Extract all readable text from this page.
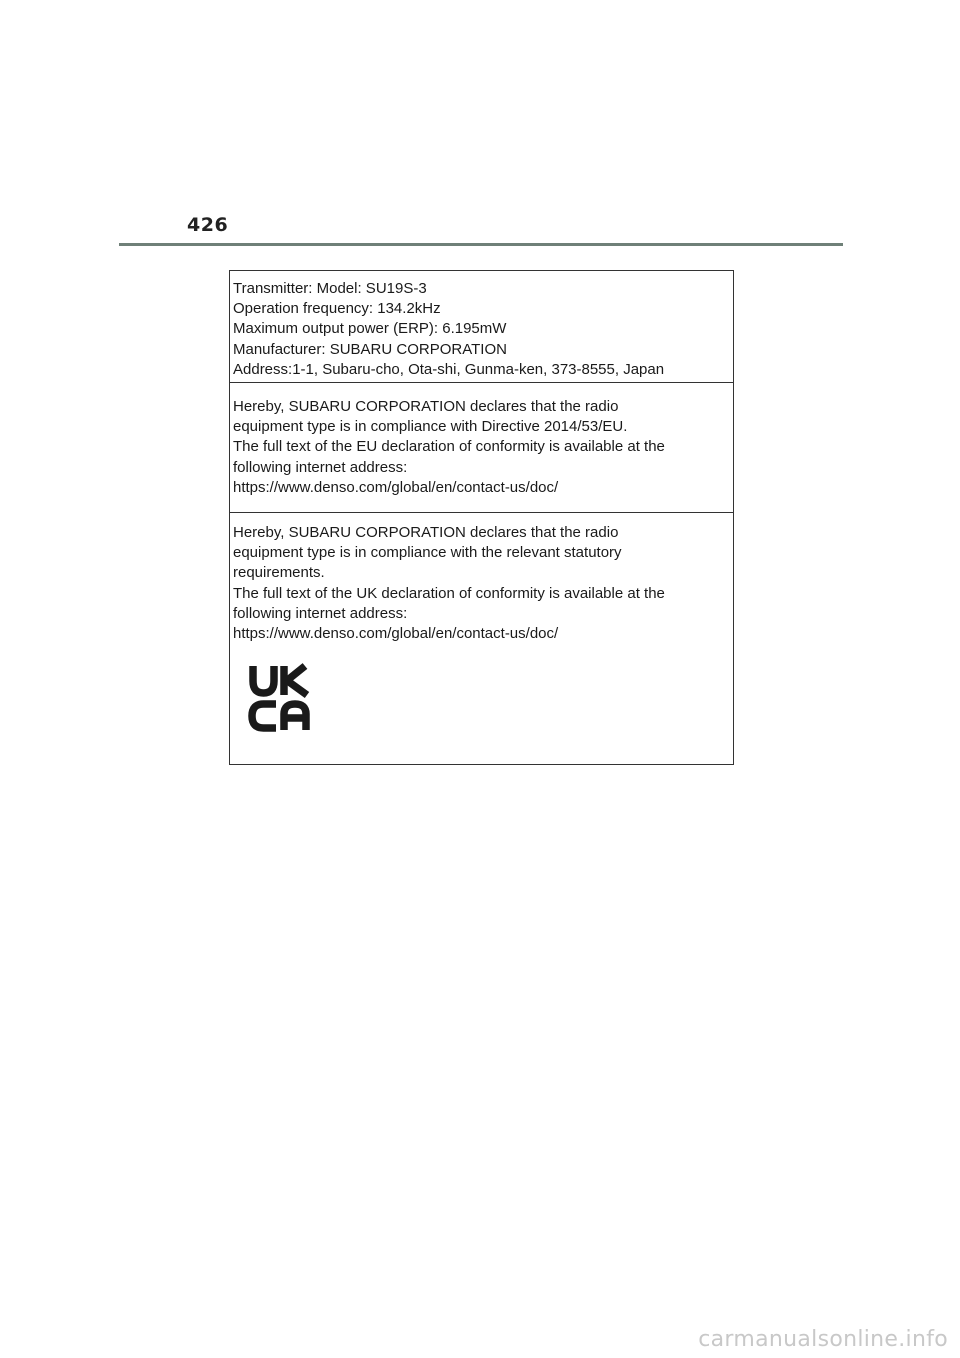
426
Transmitter: Model: SU19S-3
Operation frequency: 134.2kHz
Maximum output power (ERP): 6.195mW
Manufacturer: SUBARU CORPORATION
Address:1-1, Subaru-cho, Ota-shi, Gunma-ken, 373-8555, Japan
Hereby, SUBARU CORPORATION declares that the radio
equipment type is in compliance with Directive 2014/53/EU.
The full text of the EU declaration of conformity is available at the
following internet address:
https://www.denso.com/global/en/contact-us/doc/
Hereby, SUBARU CORPORATION declares that the radio
equipment type is in compliance with the relevant statutory
requirements.
The full text of the UK declaration of conformity is available at the
following internet address:
https://www.denso.com/global/en/contact-us/doc/
carmanualsonline.info
